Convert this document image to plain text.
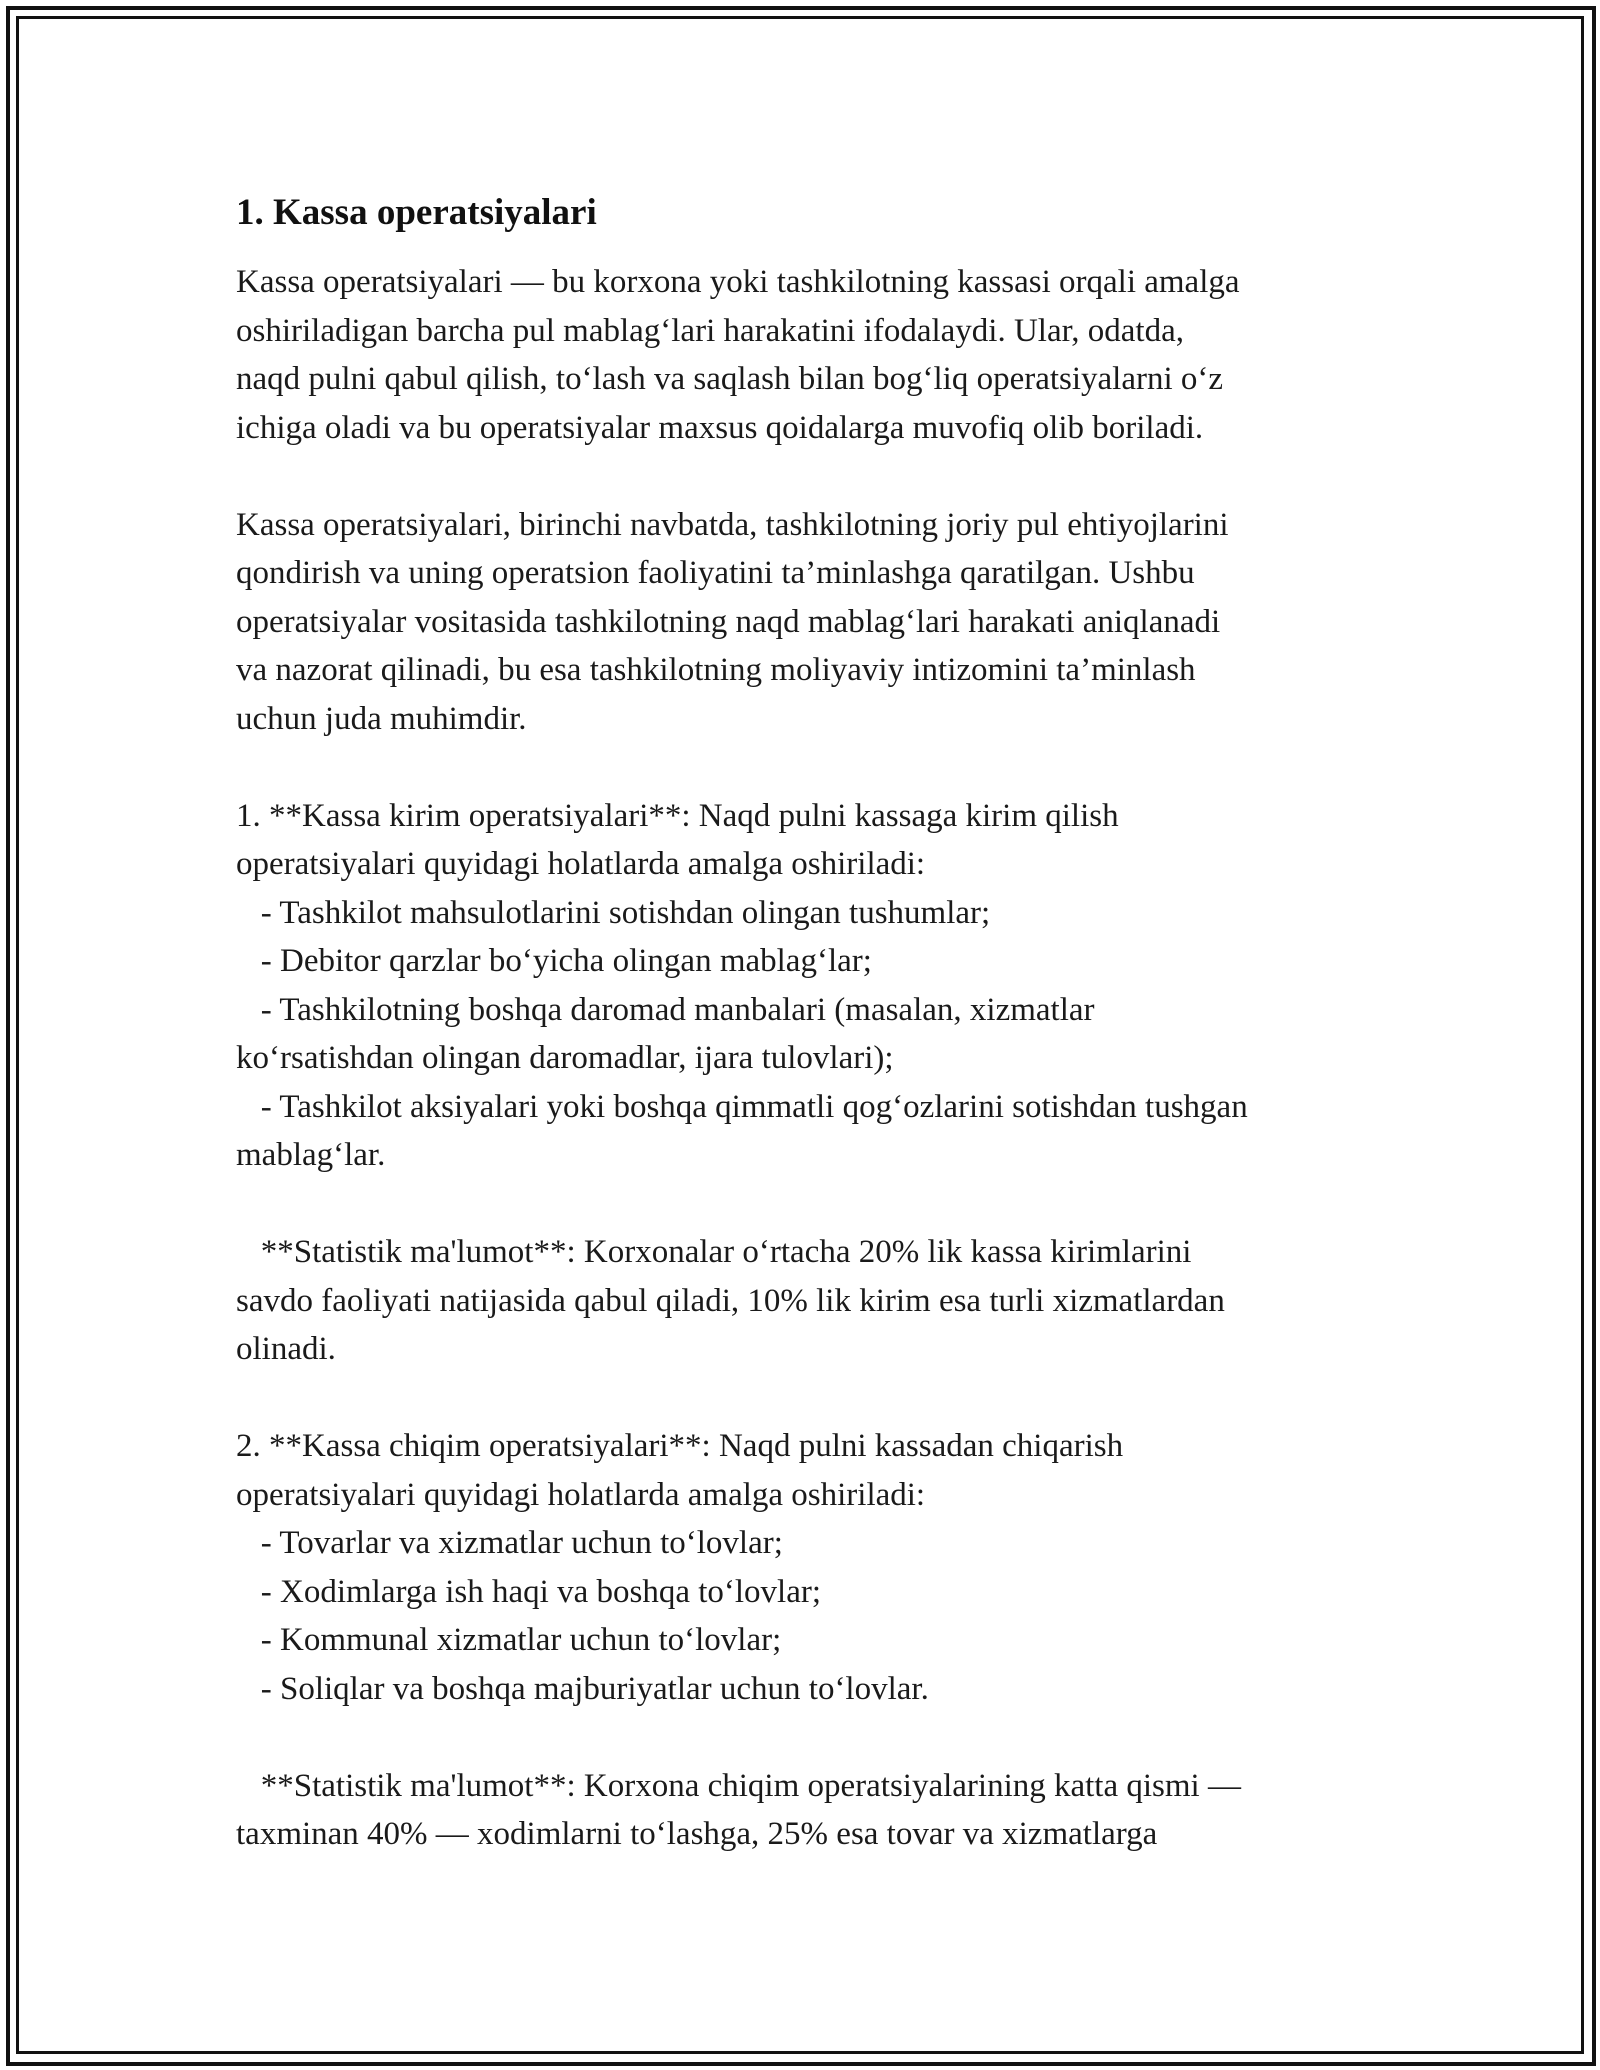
1. Kassa operatsiyalari
Kassa operatsiyalari — bu korxona yoki tashkilotning kassasi orqali amalga
oshiriladigan barcha pul mablag‘lari harakatini ifodalaydi. Ular, odatda,
naqd pulni qabul qilish, to‘lash va saqlash bilan bog‘liq operatsiyalarni o‘z
ichiga oladi va bu operatsiyalar maxsus qoidalarga muvofiq olib boriladi.
Kassa operatsiyalari, birinchi navbatda, tashkilotning joriy pul ehtiyojlarini
qondirish va uning operatsion faoliyatini ta’minlashga qaratilgan. Ushbu
operatsiyalar vositasida tashkilotning naqd mablag‘lari harakati aniqlanadi
va nazorat qilinadi, bu esa tashkilotning moliyaviy intizomini ta’minlash
uchun juda muhimdir.
1. **Kassa kirim operatsiyalari**: Naqd pulni kassaga kirim qilish
operatsiyalari quyidagi holatlarda amalga oshiriladi:
- Tashkilot mahsulotlarini sotishdan olingan tushumlar;
- Debitor qarzlar bo‘yicha olingan mablag‘lar;
- Tashkilotning boshqa daromad manbalari (masalan, xizmatlar
ko‘rsatishdan olingan daromadlar, ijara tulovlari);
- Tashkilot aksiyalari yoki boshqa qimmatli qog‘ozlarini sotishdan tushgan
mablag‘lar.
**Statistik ma'lumot**: Korxonalar o‘rtacha 20% lik kassa kirimlarini
savdo faoliyati natijasida qabul qiladi, 10% lik kirim esa turli xizmatlardan
olinadi.
2. **Kassa chiqim operatsiyalari**: Naqd pulni kassadan chiqarish
operatsiyalari quyidagi holatlarda amalga oshiriladi:
- Tovarlar va xizmatlar uchun to‘lovlar;
- Xodimlarga ish haqi va boshqa to‘lovlar;
- Kommunal xizmatlar uchun to‘lovlar;
- Soliqlar va boshqa majburiyatlar uchun to‘lovlar.
**Statistik ma'lumot**: Korxona chiqim operatsiyalarining katta qismi —
taxminan 40% — xodimlarni to‘lashga, 25% esa tovar va xizmatlarga
